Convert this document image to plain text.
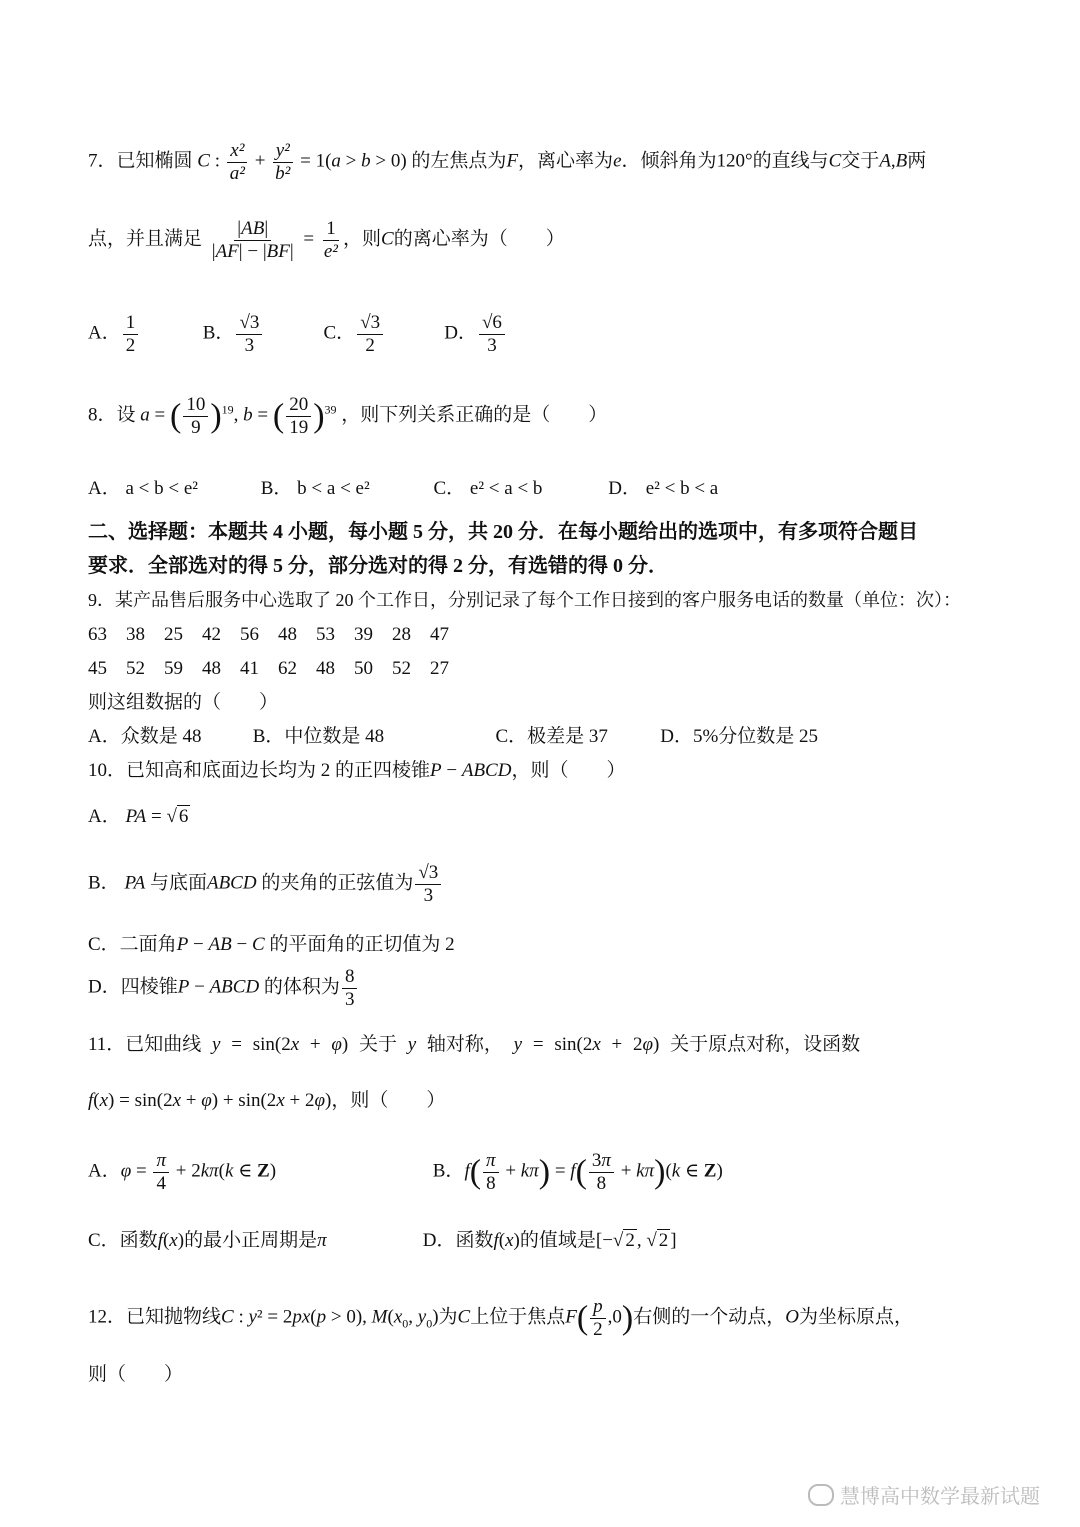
7．已知椭圆 C : $\frac{\text{x²}}{\text{a²}} + \frac{\text{y²}}{\text{b²}} = 1(a > b > 0)$ 的左焦点为F，离心率为e．倾斜角为120°的直线与C交于A,B两
点，并且满足 $\frac{|AB|}{|AF| - |BF|} = \frac{1}{\text{e²}}$ ，则C的离心率为（　　）
A． $\frac{1}{2}$	B． $\frac{√3}{3}$	C． $\frac{√3}{2}$	D． $\frac{√6}{3}$
8．设 a = ( $\frac{10}{9} )^{19}$, b = ( $\frac{20}{19} )^{39}$ ，则下列关系正确的是（　　）
A． a < b < e²	B． b < a < e²	C． e² < a < b	D． e² < b < a
二、选择题：本题共 4 小题，每小题 5 分，共 20 分．在每小题给出的选项中，有多项符合题目
要求．全部选对的得 5 分，部分选对的得 2 分，有选错的得 0 分．
9．某产品售后服务中心选取了 20 个工作日，分别记录了每个工作日接到的客户服务电话的数量（单位：次）：
63 38 25 42 56 48 53 39 28 47
45 52 59 48 41 62 48 50 52 27
则这组数据的（　　）
A．众数是 48	B．中位数是 48	C．极差是 37	D．5%分位数是 25
10．已知高和底面边长均为 2 的正四棱锥P − ABCD，则（　　）
A． PA = √ 6
B． PA 与底面ABCD 的夹角的正弦值为 $\frac{√3}{3}$
C．二面角P − AB − C 的平面角的正切值为 2
D．四棱锥P − ABCD 的体积为 $\frac{8}{3}$
11．已知曲线 y = sin(2x + φ) 关于 y 轴对称， y = sin(2x + 2φ) 关于原点对称，设函数
f(x) = sin(2x + φ) + sin(2x + 2φ)，则（　　）
A．$\varphi = \frac{\pi}{4} + 2k\pi(k$ ∈ Z)	B．$f( \frac{\pi}{8} + k\pi) = f( \frac{3\pi}{8} + k\pi)(k$ ∈ Z)
C．函数f(x)的最小正周期是π	D．函数f(x)的值域是[−√ 2 , √ 2 ]
12．已知抛物线C : y² = 2px(p > 0), $M(x_0$, $y_0$)为C上位于焦点$F( \frac{p}{2} ,0)$右侧的一个动点，O为坐标原点，
则（　　）
慧博高中数学最新试题
